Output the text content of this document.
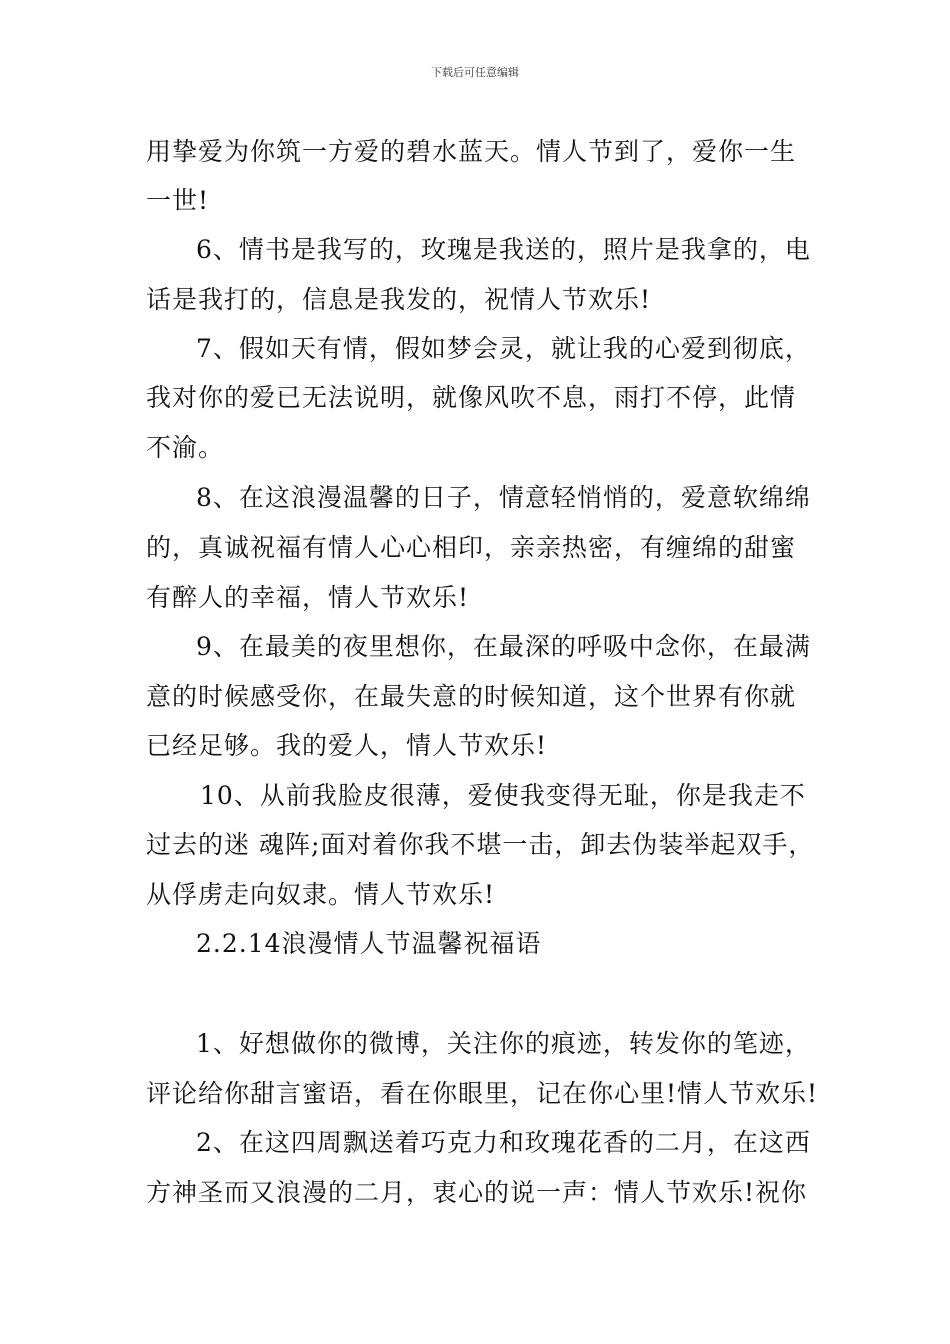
下载后可任意编辑
用挚爱为你筑一方爱的碧水蓝天。情人节到了，爱你一生
一世!
6、情书是我写的，玫瑰是我送的，照片是我拿的，电
话是我打的，信息是我发的，祝情人节欢乐!
7、假如天有情，假如梦会灵，就让我的心爱到彻底，
我对你的爱已无法说明，就像风吹不息，雨打不停，此情
不渝。
8、在这浪漫温馨的日子，情意轻悄悄的，爱意软绵绵
的，真诚祝福有情人心心相印，亲亲热密，有缠绵的甜蜜
有醉人的幸福，情人节欢乐!
9、在最美的夜里想你，在最深的呼吸中念你，在最满
意的时候感受你，在最失意的时候知道，这个世界有你就
已经足够。我的爱人，情人节欢乐!
10、从前我脸皮很薄，爱使我变得无耻，你是我走不
过去的迷 魂阵;面对着你我不堪一击，卸去伪装举起双手，
从俘虏走向奴隶。情人节欢乐!
2.2.14浪漫情人节温馨祝福语
1、好想做你的微博，关注你的痕迹，转发你的笔迹，
评论给你甜言蜜语，看在你眼里，记在你心里!情人节欢乐!
2、在这四周飘送着巧克力和玫瑰花香的二月，在这西
方神圣而又浪漫的二月，衷心的说一声：情人节欢乐!祝你
